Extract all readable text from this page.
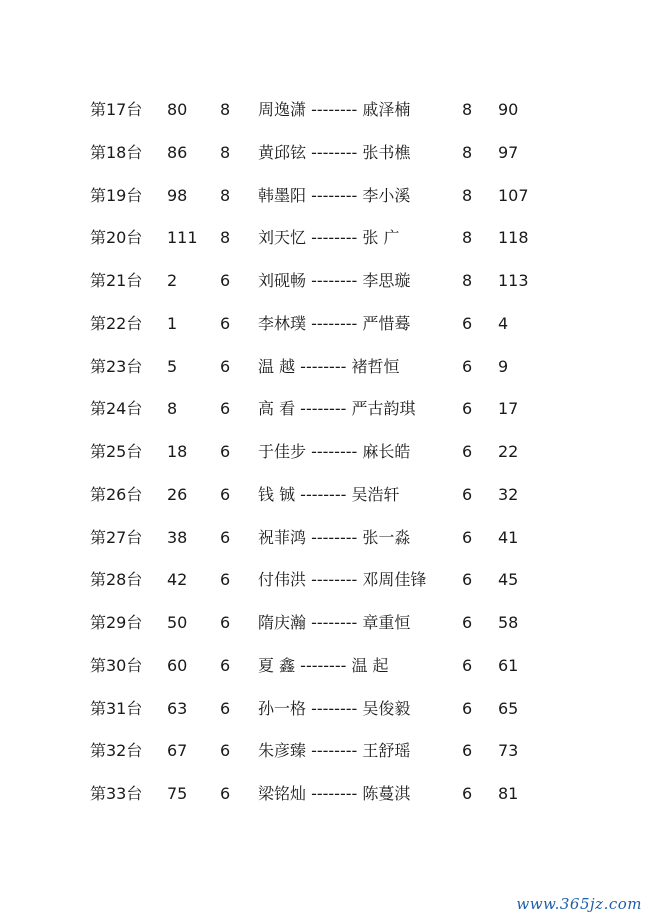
第17台 80 8 周逸潇 -------- 戚泽楠	8 90
第18台 86 8 黄邱铉 -------- 张书樵	8 97
第19台 98 8 韩墨阳 -------- 李小溪	8 107
第20台 111 8 刘天忆 -------- 张 广	8 118
第21台 2	6 刘砚畅 -------- 李思璇	8 113
第22台 1	6 李林璞 -------- 严惜蓦	6 4
第23台 5	6 温 越 -------- 褚哲恒	6 9
第24台 8	6 高 看 -------- 严古韵琪	6 17
第25台 18 6 于佳步 -------- 麻长皓	6 22
第26台 26 6 钱 铖 -------- 吴浩轩	6 32
第27台 38 6 祝菲鸿 -------- 张一淼	6 41
第28台 42 6 付伟洪 -------- 邓周佳锋 6 45
第29台 50 6 隋庆瀚 -------- 章重恒	6 58
第30台 60 6 夏 鑫 -------- 温 起	6 61
第31台 63 6 孙一格 -------- 吴俊毅	6 65
第32台 67 6 朱彦臻 -------- 王舒瑶	6 73
第33台 75 6 梁铭灿 -------- 陈蔓淇	6 81
www.365jz.com
